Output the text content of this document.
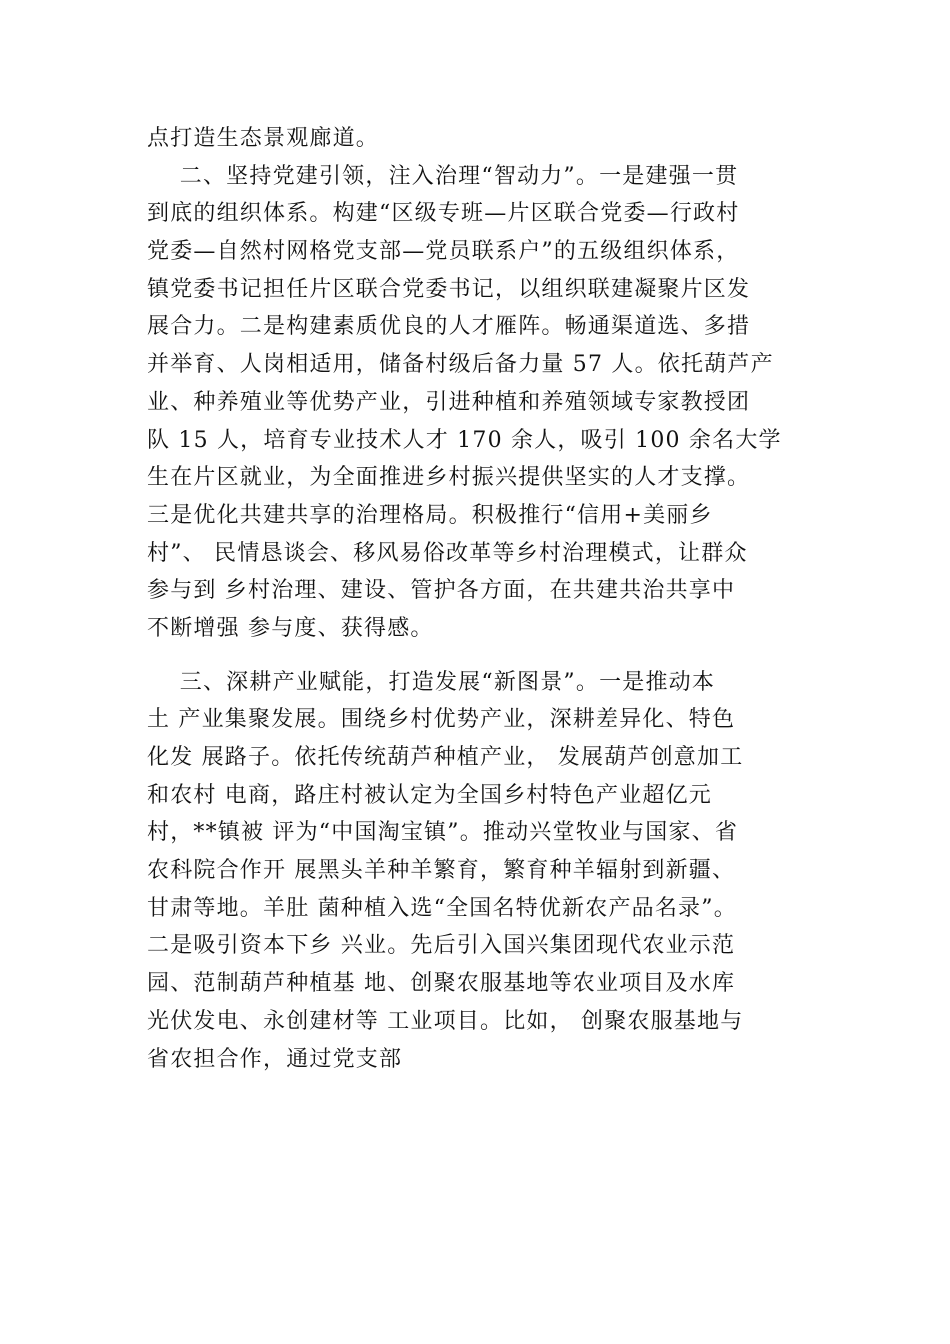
点打造生态景观廊道。
二、坚持党建引领，注入治理“智动力”。一是建强一贯
到底的组织体系。构建“区级专班—片区联合党委—行政村
党委—自然村网格党支部—党员联系户”的五级组织体系，
镇党委书记担任片区联合党委书记，以组织联建凝聚片区发
展合力。二是构建素质优良的人才雁阵。畅通渠道选、多措
并举育、人岗相适用，储备村级后备力量 57 人。依托葫芦产
业、种养殖业等优势产业，引进种植和养殖领域专家教授团
队 15 人，培育专业技术人才 170 余人，吸引 100 余名大学
生在片区就业，为全面推进乡村振兴提供坚实的人才支撑。
三是优化共建共享的治理格局。积极推行“信用+美丽乡
村”、 民情恳谈会、移风易俗改革等乡村治理模式，让群众
参与到 乡村治理、建设、管护各方面，在共建共治共享中
不断增强 参与度、获得感。
三、深耕产业赋能，打造发展“新图景”。一是推动本
土 产业集聚发展。围绕乡村优势产业，深耕差异化、特色
化发 展路子。依托传统葫芦种植产业， 发展葫芦创意加工
和农村 电商，路庄村被认定为全国乡村特色产业超亿元
村，**镇被 评为“中国淘宝镇”。推动兴堂牧业与国家、省
农科院合作开 展黑头羊种羊繁育，繁育种羊辐射到新疆、
甘肃等地。羊肚 菌种植入选“全国名特优新农产品名录”。
二是吸引资本下乡 兴业。先后引入国兴集团现代农业示范
园、范制葫芦种植基 地、创聚农服基地等农业项目及水库
光伏发电、永创建材等 工业项目。比如， 创聚农服基地与
省农担合作，通过党支部
